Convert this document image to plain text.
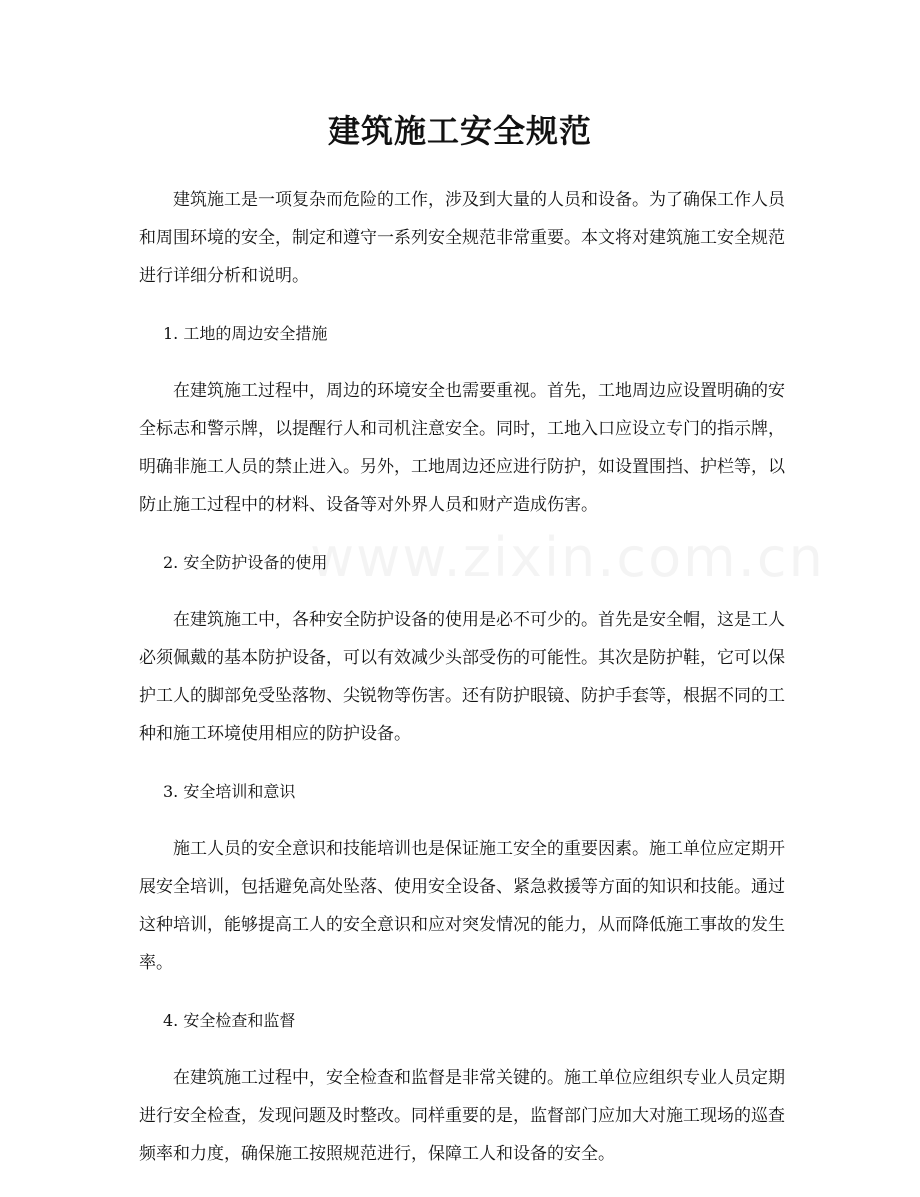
建筑施工安全规范

建筑施工是一项复杂而危险的工作，涉及到大量的人员和设备。为了确保工作人员和周围环境的安全，制定和遵守一系列安全规范非常重要。本文将对建筑施工安全规范进行详细分析和说明。

1. 工地的周边安全措施

在建筑施工过程中，周边的环境安全也需要重视。首先，工地周边应设置明确的安全标志和警示牌，以提醒行人和司机注意安全。同时，工地入口应设立专门的指示牌，明确非施工人员的禁止进入。另外，工地周边还应进行防护，如设置围挡、护栏等，以防止施工过程中的材料、设备等对外界人员和财产造成伤害。

2. 安全防护设备的使用

在建筑施工中，各种安全防护设备的使用是必不可少的。首先是安全帽，这是工人必须佩戴的基本防护设备，可以有效减少头部受伤的可能性。其次是防护鞋，它可以保护工人的脚部免受坠落物、尖锐物等伤害。还有防护眼镜、防护手套等，根据不同的工种和施工环境使用相应的防护设备。

3. 安全培训和意识

施工人员的安全意识和技能培训也是保证施工安全的重要因素。施工单位应定期开展安全培训，包括避免高处坠落、使用安全设备、紧急救援等方面的知识和技能。通过这种培训，能够提高工人的安全意识和应对突发情况的能力，从而降低施工事故的发生率。

4. 安全检查和监督

在建筑施工过程中，安全检查和监督是非常关键的。施工单位应组织专业人员定期进行安全检查，发现问题及时整改。同样重要的是，监督部门应加大对施工现场的巡查频率和力度，确保施工按照规范进行，保障工人和设备的安全。
